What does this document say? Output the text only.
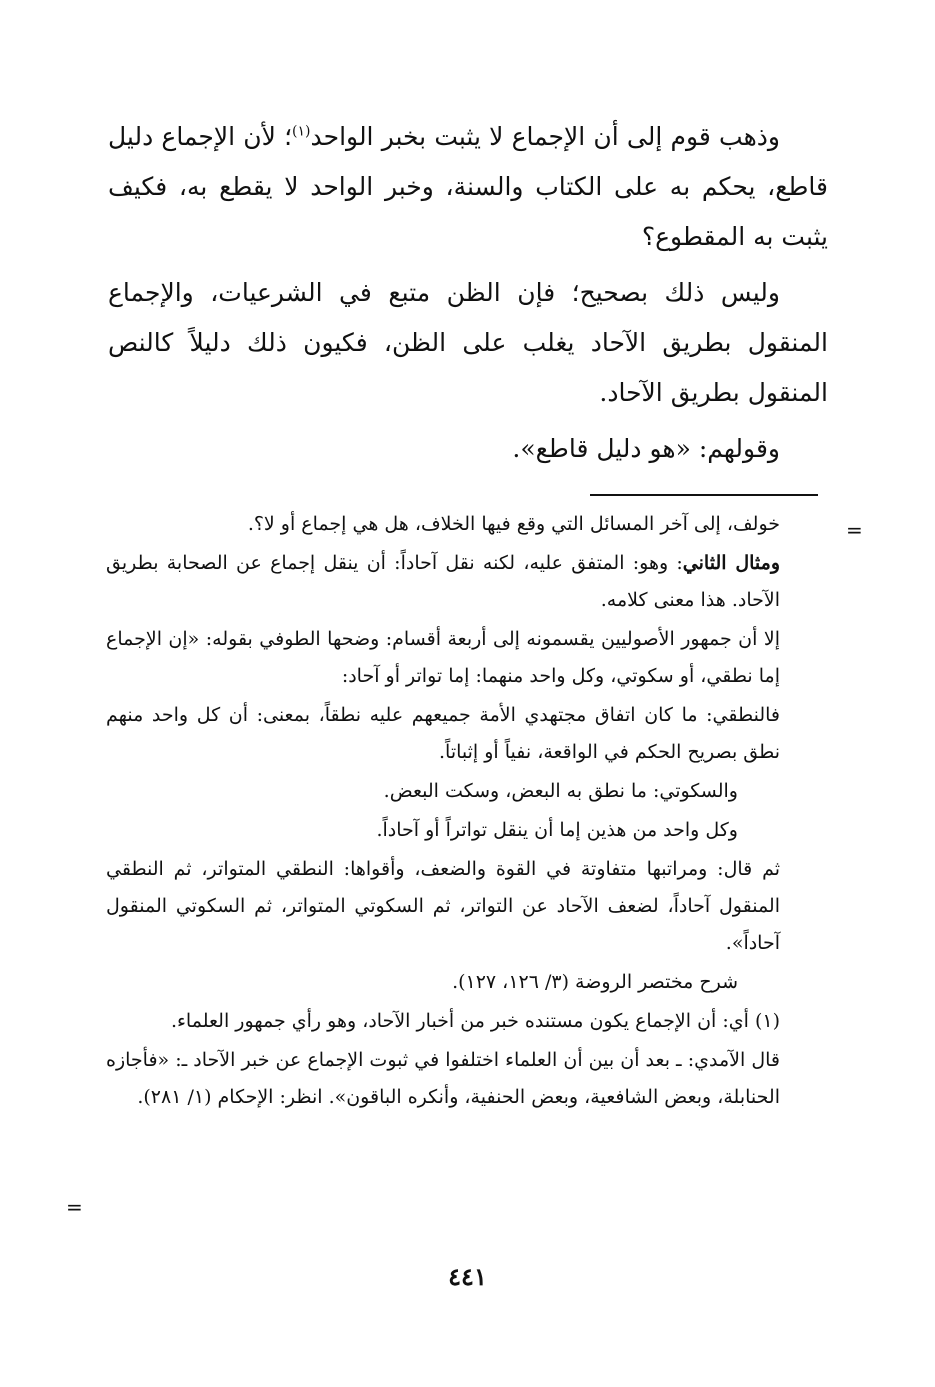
وذهب قوم إلى أن الإجماع لا يثبت بخبر الواحد$^{(١)}$؛ لأن الإجماع دليل قاطع، يحكم به على الكتاب والسنة، وخبر الواحد لا يقطع به، فكيف يثبت به المقطوع؟

وليس ذلك بصحيح؛ فإن الظن متبع في الشرعيات، والإجماع المنقول بطريق الآحاد يغلب على الظن، فكيون ذلك دليلاً كالنص المنقول بطريق الآحاد.

وقولهم: «هو دليل قاطع».

=

خولف، إلى آخر المسائل التي وقع فيها الخلاف، هل هي إجماع أو لا؟.

ومثال الثاني: وهو: المتفق عليه، لكنه نقل آحاداً: أن ينقل إجماع عن الصحابة بطريق الآحاد. هذا معنى كلامه.

إلا أن جمهور الأصوليين يقسمونه إلى أربعة أقسام: وضحها الطوفي بقوله: «إن الإجماع إما نطقي، أو سكوتي، وكل واحد منهما: إما تواتر أو آحاد:

فالنطقي: ما كان اتفاق مجتهدي الأمة جميعهم عليه نطقاً، بمعنى: أن كل واحد منهم نطق بصريح الحكم في الواقعة، نفياً أو إثباتاً.

والسكوتي: ما نطق به البعض، وسكت البعض.

وكل واحد من هذين إما أن ينقل تواتراً أو آحاداً.

ثم قال: ومراتبها متفاوتة في القوة والضعف، وأقواها: النطقي المتواتر، ثم النطقي المنقول آحاداً، لضعف الآحاد عن التواتر، ثم السكوتي المتواتر، ثم السكوتي المنقول آحاداً».

شرح مختصر الروضة (٣/ ١٢٦، ١٢٧).

(١) أي: أن الإجماع يكون مستنده خبر من أخبار الآحاد، وهو رأي جمهور العلماء.

قال الآمدي: ـ بعد أن بين أن العلماء اختلفوا في ثبوت الإجماع عن خبر الآحاد ـ: «فأجازه الحنابلة، وبعض الشافعية، وبعض الحنفية، وأنكره الباقون». انظر: الإحكام (١/ ٢٨١).

=
٤٤١
